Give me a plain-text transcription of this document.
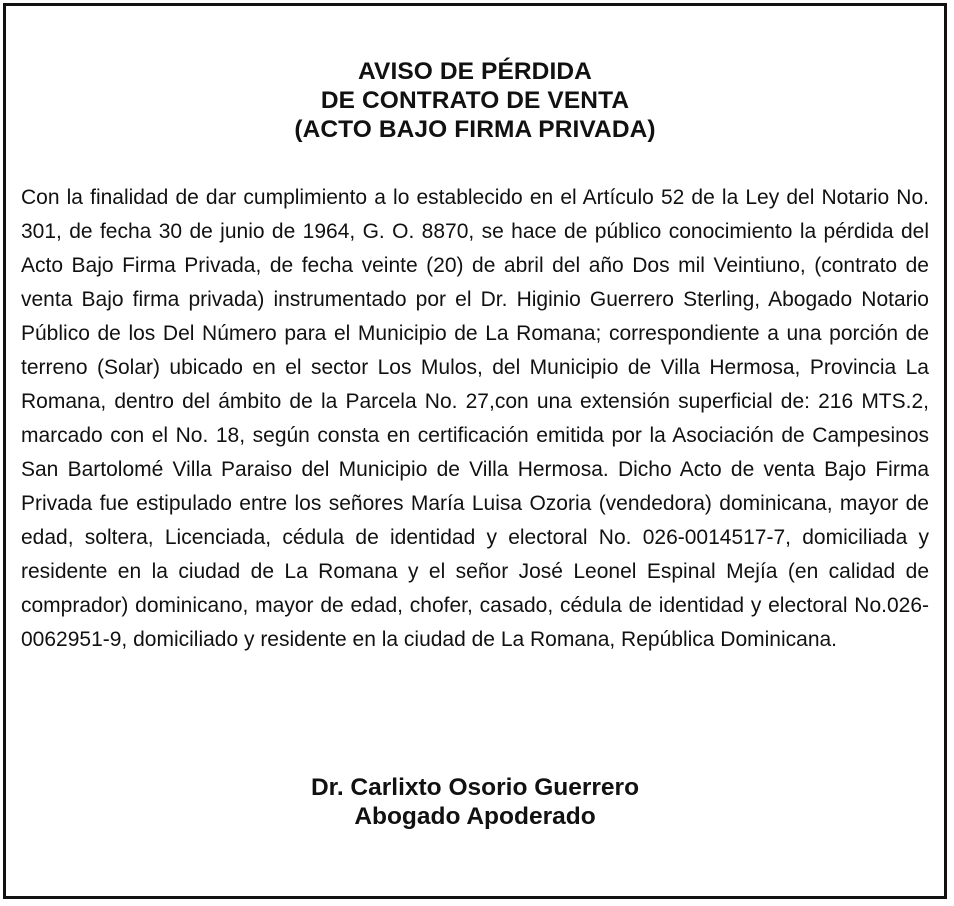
AVISO DE PÉRDIDA
DE CONTRATO DE VENTA
(ACTO BAJO FIRMA PRIVADA)

Con la finalidad de dar cumplimiento a lo establecido en el Artículo 52 de la Ley del Notario No. 301, de fecha 30 de junio de 1964, G. O. 8870, se hace de público conocimiento la pérdida del Acto Bajo Firma Privada, de fecha veinte (20) de abril del año Dos mil Veintiuno, (contrato de venta Bajo firma privada) instrumentado por el Dr. Higinio Guerrero Sterling, Abogado Notario Público de los Del Número para el Municipio de La Romana; correspondiente a una porción de terreno (Solar) ubicado en el sector Los Mulos, del Municipio de Villa Hermosa, Provincia La Romana, dentro del ámbito de la Parcela No. 27,con una extensión superficial de: 216 MTS.2, marcado con el No. 18, según consta en certificación emitida por la Asociación de Campesinos San Bartolomé Villa Paraiso del Municipio de Villa Hermosa. Dicho Acto de venta Bajo Firma Privada fue estipulado entre los señores María Luisa Ozoria (vendedora) dominicana, mayor de edad, soltera, Licenciada, cédula de identidad y electoral No. 026-0014517-7, domiciliada y residente en la ciudad de La Romana y el señor José Leonel Espinal Mejía (en calidad de comprador) dominicano, mayor de edad, chofer, casado, cédula de identidad y electoral No.026-0062951-9, domiciliado y residente en la ciudad de La Romana, República Dominicana.

Dr. Carlixto Osorio Guerrero
Abogado Apoderado
